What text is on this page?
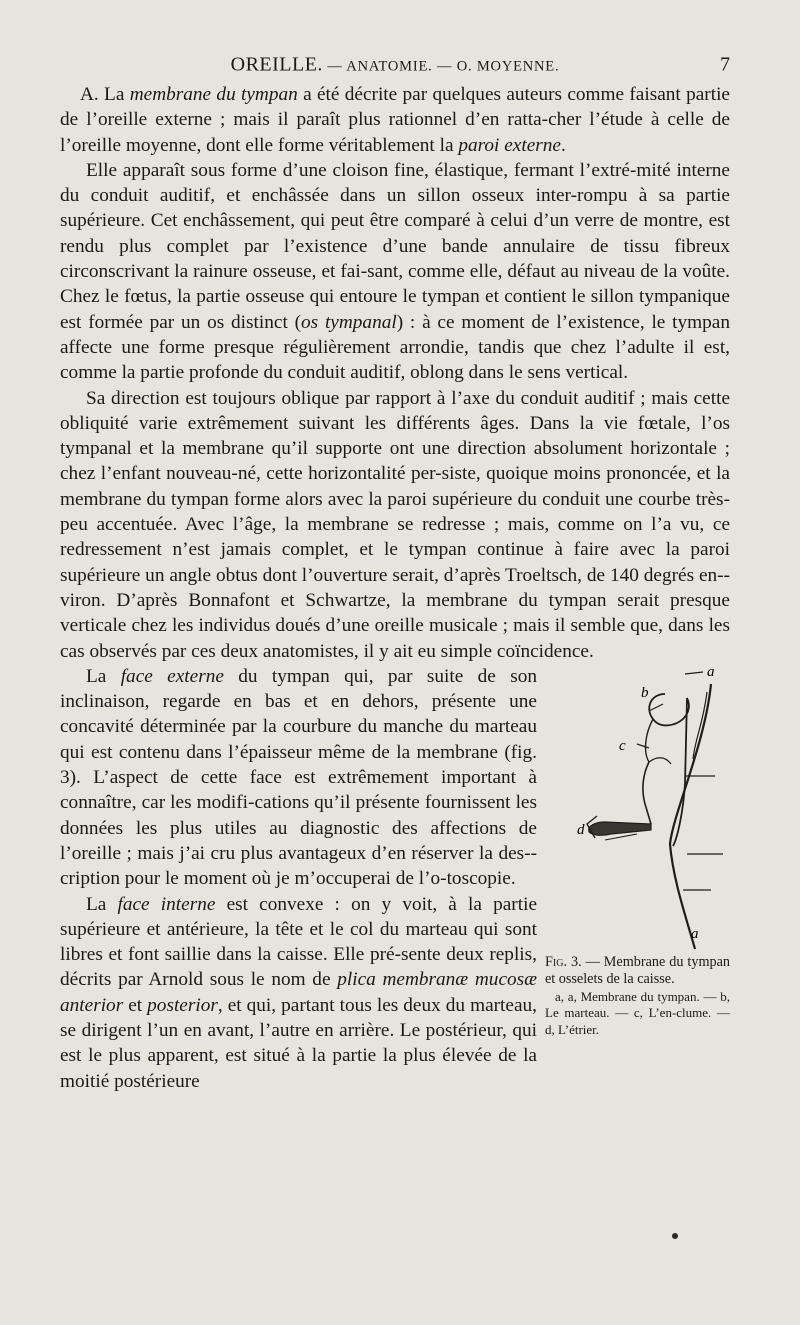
OREILLE. — ANATOMIE. — O. MOYENNE.	7

A. La membrane du tympan a été décrite par quelques auteurs comme faisant partie de l’oreille externe ; mais il paraît plus rationnel d’en ratta-cher l’étude à celle de l’oreille moyenne, dont elle forme véritablement la paroi externe.

Elle apparaît sous forme d’une cloison fine, élastique, fermant l’extré-mité interne du conduit auditif, et enchâssée dans un sillon osseux inter-rompu à sa partie supérieure. Cet enchâssement, qui peut être comparé à celui d’un verre de montre, est rendu plus complet par l’existence d’une bande annulaire de tissu fibreux circonscrivant la rainure osseuse, et fai-sant, comme elle, défaut au niveau de la voûte. Chez le fœtus, la partie osseuse qui entoure le tympan et contient le sillon tympanique est formée par un os distinct (os tympanal) : à ce moment de l’existence, le tympan affecte une forme presque régulièrement arrondie, tandis que chez l’adulte il est, comme la partie profonde du conduit auditif, oblong dans le sens vertical.

Sa direction est toujours oblique par rapport à l’axe du conduit auditif ; mais cette obliquité varie extrêmement suivant les différents âges. Dans la vie fœtale, l’os tympanal et la membrane qu’il supporte ont une direction absolument horizontale ; chez l’enfant nouveau-né, cette horizontalité per-siste, quoique moins prononcée, et la membrane du tympan forme alors avec la paroi supérieure du conduit une courbe très-peu accentuée. Avec l’âge, la membrane se redresse ; mais, comme on l’a vu, ce redressement n’est jamais complet, et le tympan continue à faire avec la paroi supérieure un angle obtus dont l’ouverture serait, d’après Troeltsch, de 140 degrés en-viron. D’après Bonnafont et Schwartze, la membrane du tympan serait presque verticale chez les individus doués d’une oreille musicale ; mais il semble que, dans les cas observés par ces deux anatomistes, il y ait eu simple coïncidence.

a
b
c
d
a
Fig. 3. — Membrane du tympan et osselets de la caisse.
a, a, Membrane du tympan. — b, Le marteau. — c, L’en-clume. — d, L’étrier.

La face externe du tympan qui, par suite de son inclinaison, regarde en bas et en dehors, présente une concavité déterminée par la courbure du manche du marteau qui est contenu dans l’épaisseur même de la membrane (fig. 3). L’aspect de cette face est extrêmement important à connaître, car les modifi-cations qu’il présente fournissent les données les plus utiles au diagnostic des affections de l’oreille ; mais j’ai cru plus avantageux d’en réserver la des-cription pour le moment où je m’occuperai de l’o-toscopie.

La face interne est convexe : on y voit, à la partie supérieure et antérieure, la tête et le col du marteau qui sont libres et font saillie dans la caisse. Elle pré-sente deux replis, décrits par Arnold sous le nom de plica membranæ mucosæ anterior et posterior, et qui, partant tous les deux du marteau, se dirigent l’un en avant, l’autre en arrière. Le postérieur, qui est le plus apparent, est situé à la partie la plus élevée de la moitié postérieure
